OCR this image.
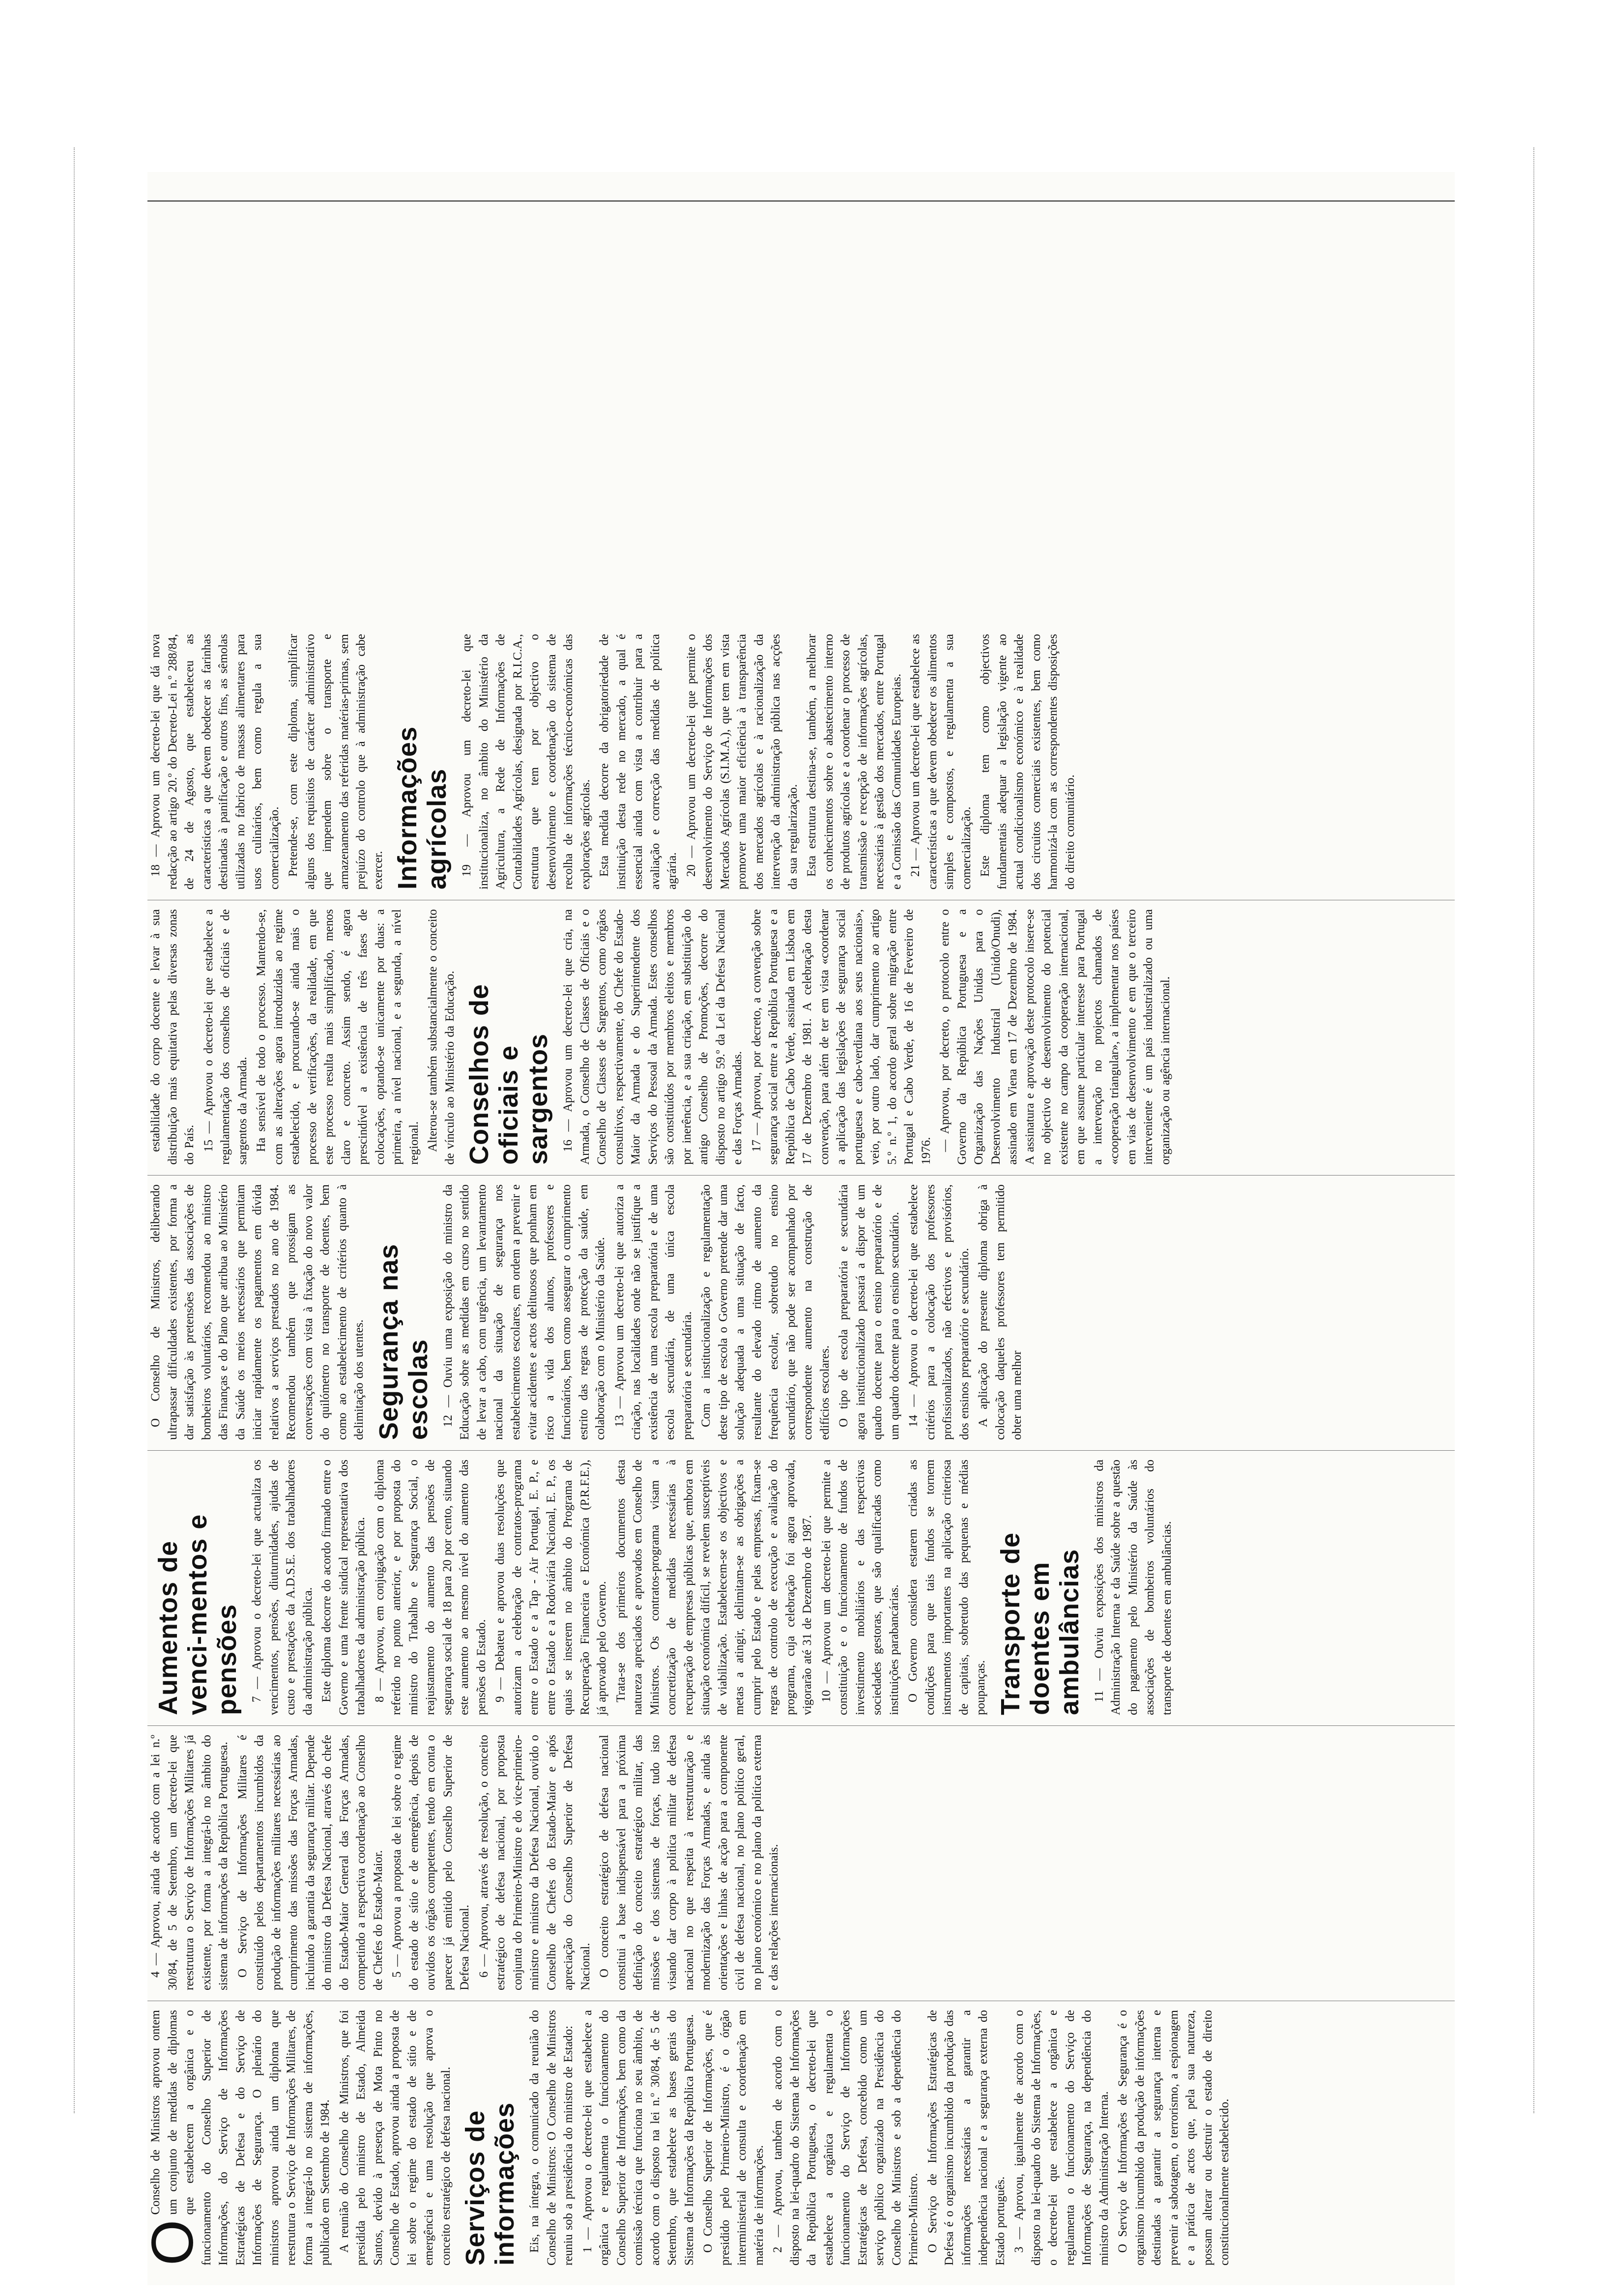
O

Conselho de Ministros aprovou ontem um conjunto de medidas de diplomas que estabelecem a orgânica e o funcionamento do Conselho Superior de Informações, do Serviço de Informações Estratégicas de Defesa e do Serviço de Informações de Segurança. O plenário do ministros aprovou ainda um diploma que reestrutura o Serviço de Informações Militares, de forma a integrá-lo no sistema de informações, publicado em Setembro de 1984. A reunião do Conselho de Ministros, que foi presidida pelo ministro de Estado, Almeida Santos, devido à presença de Mota Pinto no Conselho de Estado, aprovou ainda a proposta de lei sobre o regime do estado de sítio e de emergência e uma resolução que aprova o conceito estratégico de defesa nacional. Serviços de informações Eis, na íntegra, o comunicado da reunião do Conselho de Ministros: O Conselho de Ministros reuniu sob a presidência do ministro de Estado: 1 — Aprovou o decreto-lei que estabelece a orgânica e regulamenta o funcionamento do Conselho Superior de Informações, bem como da comissão técnica que funciona no seu âmbito, de acordo com o disposto na lei n.º 30/84, de 5 de Setembro, que estabelece as bases gerais do Sistema de Informações da República Portuguesa. O Conselho Superior de Informações, que é presidido pelo Primeiro-Ministro, é o órgão interministerial de consulta e coordenação em matéria de informações. 2 — Aprovou, também de acordo com o disposto na lei-quadro do Sistema de Informações da República Portuguesa, o decreto-lei que estabelece a orgânica e regulamenta o funcionamento do Serviço de Informações Estratégicas de Defesa, concebido como um serviço público organizado na Presidência do Conselho de Ministros e sob a dependência do Primeiro-Ministro. O Serviço de Informações Estratégicas de Defesa é o organismo incumbido da produção das informações necessárias a garantir a independência nacional e a segurança externa do Estado português. 3 — Aprovou, igualmente de acordo com o disposto na lei-quadro do Sistema de Informações, o decreto-lei que estabelece a orgânica e regulamenta o funcionamento do Serviço de Informações de Segurança, na dependência do ministro da Administração Interna. O Serviço de Informações de Segurança é o organismo incumbido da produção de informações destinadas a garantir a segurança interna e prevenir a sabotagem, o terrorismo, a espionagem e a prática de actos que, pela sua natureza, possam alterar ou destruir o estado de direito constitucionalmente estabelecido.

4 — Aprovou, ainda de acordo com a lei n.º 30/84, de 5 de Setembro, um decreto-lei que reestrutura o Serviço de Informações Militares já existente, por forma a integrá-lo no âmbito do sistema de informações da República Portuguesa. O Serviço de Informações Militares é constituído pelos departamentos incumbidos da produção de informações militares necessárias ao cumprimento das missões das Forças Armadas, incluindo a garantia da segurança militar. Depende do ministro da Defesa Nacional, através do chefe do Estado-Maior General das Forças Armadas, competindo a respectiva coordenação ao Conselho de Chefes do Estado-Maior. 5 — Aprovou a proposta de lei sobre o regime do estado de sítio e de emergência, depois de ouvidos os órgãos competentes, tendo em conta o parecer já emitido pelo Conselho Superior de Defesa Nacional. 6 — Aprovou, através de resolução, o conceito estratégico de defesa nacional, por proposta conjunta do Primeiro-Ministro e do vice-primeiro-ministro e ministro da Defesa Nacional, ouvido o Conselho de Chefes do Estado-Maior e após apreciação do Conselho Superior de Defesa Nacional. O conceito estratégico de defesa nacional constitui a base indispensável para a próxima definição do conceito estratégico militar, das missões e dos sistemas de forças, tudo isto visando dar corpo à política militar de defesa nacional no que respeita à reestruturação e modernização das Forças Armadas, e ainda às orientações e linhas de acção para a componente civil de defesa nacional, no plano político geral, no plano económico e no plano da política externa e das relações internacionais.

Aumentos de venci-mentos e pensões 7 — Aprovou o decreto-lei que actualiza os vencimentos, pensões, diuturnidades, ajudas de custo e prestações da A.D.S.E. dos trabalhadores da administração pública. Este diploma decorre do acordo firmado entre o Governo e uma frente sindical representativa dos trabalhadores da administração pública. 8 — Aprovou, em conjugação com o diploma referido no ponto anterior, e por proposta do ministro do Trabalho e Segurança Social, o reajustamento do aumento das pensões de segurança social de 18 para 20 por cento, situando este aumento ao mesmo nível do aumento das pensões do Estado. 9 — Debateu e aprovou duas resoluções que autorizam a celebração de contratos-programa entre o Estado e a Tap - Air Portugal, E. P., e entre o Estado e a Rodoviária Nacional, E. P., os quais se inserem no âmbito do Programa de Recuperação Financeira e Económica (P.R.F.E.), já aprovado pelo Governo. Trata-se dos primeiros documentos desta natureza apreciados e aprovados em Conselho de Ministros. Os contratos-programa visam a concretização de medidas necessárias à recuperação de empresas públicas que, embora em situação económica difícil, se revelem susceptíveis de viabilização. Estabelecem-se os objectivos e metas a atingir, delimitam-se as obrigações a cumprir pelo Estado e pelas empresas, fixam-se regras de controlo de execução e avaliação do programa, cuja celebração foi agora aprovada, vigorarão até 31 de Dezembro de 1987. 10 — Aprovou um decreto-lei que permite a constituição e o funcionamento de fundos de investimento mobiliários e das respectivas sociedades gestoras, que são qualificadas como instituições parabancárias. O Governo considera estarem criadas as condições para que tais fundos se tornem instrumentos importantes na aplicação criteriosa de capitais, sobretudo das pequenas e médias poupanças. Transporte de doentes em ambulâncias 11 — Ouviu exposições dos ministros da Administração Interna e da Saúde sobre a questão do pagamento pelo Ministério da Saúde às associações de bombeiros voluntários do transporte de doentes em ambulâncias.

O Conselho de Ministros, deliberando ultrapassar dificuldades existentes, por forma a dar satisfação às pretensões das associações de bombeiros voluntários, recomendou ao ministro das Finanças e do Plano que atribua ao Ministério da Saúde os meios necessários que permitam iniciar rapidamente os pagamentos em dívida relativos a serviços prestados no ano de 1984. Recomendou também que prossigam as conversações com vista à fixação do novo valor do quilómetro no transporte de doentes, bem como ao estabelecimento de critérios quanto à delimitação dos utentes. Segurança nas escolas 12 — Ouviu uma exposição do ministro da Educação sobre as medidas em curso no sentido de levar a cabo, com urgência, um levantamento nacional da situação de segurança nos estabelecimentos escolares, em ordem a prevenir e evitar acidentes e actos delituosos que ponham em risco a vida dos alunos, professores e funcionários, bem como assegurar o cumprimento estrito das regras de protecção da saúde, em colaboração com o Ministério da Saúde. 13 — Aprovou um decreto-lei que autoriza a criação, nas localidades onde não se justifique a existência de uma escola preparatória e de uma escola secundária, de uma única escola preparatória e secundária. Com a institucionalização e regulamentação deste tipo de escola o Governo pretende dar uma solução adequada a uma situação de facto, resultante do elevado ritmo de aumento da frequência escolar, sobretudo no ensino secundário, que não pode ser acompanhado por correspondente aumento na construção de edifícios escolares. O tipo de escola preparatória e secundária agora institucionalizado passará a dispor de um quadro docente para o ensino preparatório e de um quadro docente para o ensino secundário. 14 — Aprovou o decreto-lei que estabelece critérios para a colocação dos professores profissionalizados, não efectivos e provisórios, dos ensinos preparatório e secundário. A aplicação do presente diploma obriga à colocação daqueles professores tem permitido obter uma melhor

estabilidade do corpo docente e levar à sua distribuição mais equitativa pelas diversas zonas do País. 15 — Aprovou o decreto-lei que estabelece a regulamentação dos conselhos de oficiais e de sargentos da Armada. Ha sensível de todo o processo. Mantendo-se, com as alterações agora introduzidas ao regime estabelecido, e procurando-se ainda mais o processo de verificações, da realidade, em que este processo resulta mais simplificado, menos claro e concreto. Assim sendo, é agora prescindível a existência de três fases de colocações, optando-se unicamente por duas: a primeira, a nível nacional, e a segunda, a nível regional. Alterou-se também substancialmente o conceito de vínculo ao Ministério da Educação. Conselhos de oficiais e sargentos 16 — Aprovou um decreto-lei que cria, na Armada, o Conselho de Classes de Oficiais e o Conselho de Classes de Sargentos, como órgãos consultivos, respectivamente, do Chefe do Estado-Maior da Armada e do Superintendente dos Serviços do Pessoal da Armada. Estes conselhos são constituídos por membros eleitos e membros por inerência, e a sua criação, em substituição do antigo Conselho de Promoções, decorre do disposto no artigo 59.º da Lei da Defesa Nacional e das Forças Armadas. 17 — Aprovou, por decreto, a convenção sobre segurança social entre a República Portuguesa e a República de Cabo Verde, assinada em Lisboa em 17 de Dezembro de 1981. A celebração desta convenção, para além de ter em vista «coordenar a aplicação das legislações de segurança social portuguesa e cabo-verdiana aos seus nacionais», veio, por outro lado, dar cumprimento ao artigo 5.º n.º 1, do acordo geral sobre migração entre Portugal e Cabo Verde, de 16 de Fevereiro de 1976. — Aprovou, por decreto, o protocolo entre o Governo da República Portuguesa e a Organização das Nações Unidas para o Desenvolvimento Industrial (Unido/Onudi), assinado em Viena em 17 de Dezembro de 1984. A assinatura e aprovação deste protocolo insere-se no objectivo de desenvolvimento do potencial existente no campo da cooperação internacional, em que assume particular interesse para Portugal a intervenção no projectos chamados de «cooperação triangular», a implementar nos países em vias de desenvolvimento e em que o terceiro interveniente é um país industrializado ou uma organização ou agência internacional.

18 — Aprovou um decreto-lei que dá nova redacção ao artigo 20.º do Decreto-Lei n.º 288/84, de 24 de Agosto, que estabeleceu as características a que devem obedecer as farinhas destinadas à panificação e outros fins, as sêmolas utilizadas no fabrico de massas alimentares para usos culinários, bem como regula a sua comercialização. Pretende-se, com este diploma, simplificar alguns dos requisitos de carácter administrativo que impendem sobre o transporte e armazenamento das referidas matérias-primas, sem prejuízo do controlo que à administração cabe exercer. Informações agrícolas 19 — Aprovou um decreto-lei que institucionaliza, no âmbito do Ministério da Agricultura, a Rede de Informações de Contabilidades Agrícolas, designada por R.I.C.A., estrutura que tem por objectivo o desenvolvimento e coordenação do sistema de recolha de informações técnico-económicas das explorações agrícolas. Esta medida decorre da obrigatoriedade de instituição desta rede no mercado, a qual é essencial ainda com vista a contribuir para a avaliação e correcção das medidas de política agrária. 20 — Aprovou um decreto-lei que permite o desenvolvimento do Serviço de Informações dos Mercados Agrícolas (S.I.M.A.), que tem em vista promover uma maior eficiência à transparência dos mercados agrícolas e à racionalização da intervenção da administração pública nas acções da sua regularização. Esta estrutura destina-se, também, a melhorar os conhecimentos sobre o abastecimento interno de produtos agrícolas e a coordenar o processo de transmissão e recepção de informações agrícolas, necessárias à gestão dos mercados, entre Portugal e a Comissão das Comunidades Europeias. 21 — Aprovou um decreto-lei que estabelece as características a que devem obedecer os alimentos simples e compostos, e regulamenta a sua comercialização. Este diploma tem como objectivos fundamentais adequar a legislação vigente ao actual condicionalismo económico e à realidade dos circuitos comerciais existentes, bem como harmonizá-la com as correspondentes disposições do direito comunitário.
